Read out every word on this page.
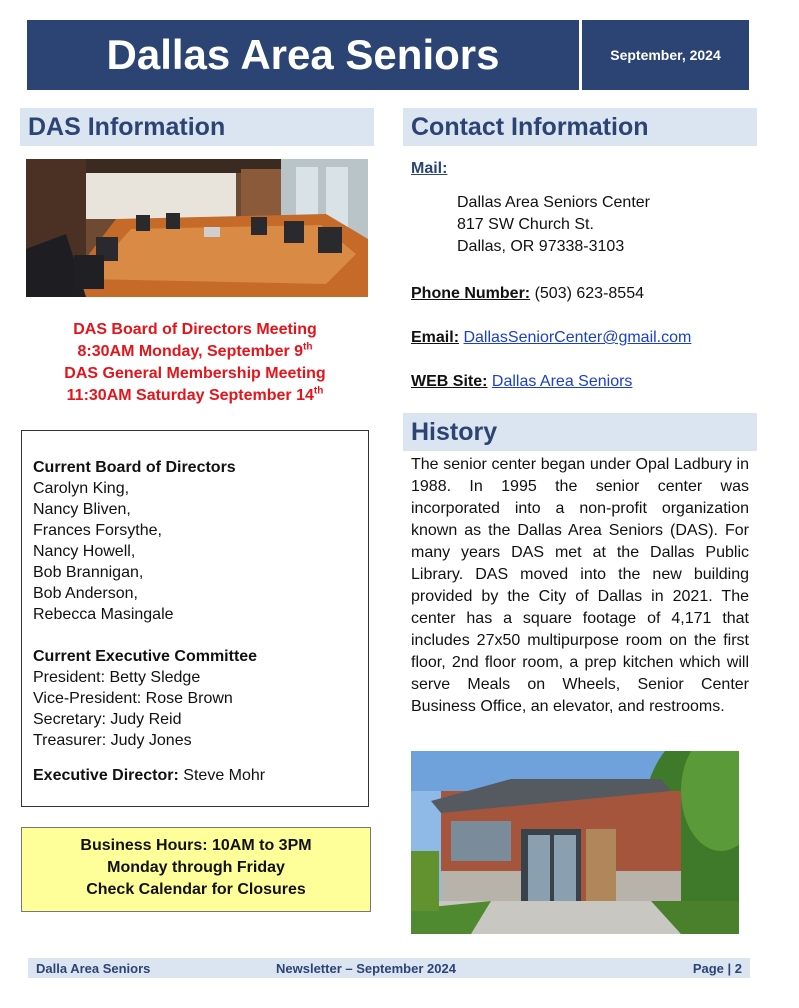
Dallas Area Seniors	September, 2024
DAS Information
DAS Board of Directors Meeting
8:30AM Monday, September 9th
DAS General Membership Meeting
11:30AM Saturday September 14th
Current Board of Directors
Carolyn King,
Nancy Bliven,
Frances Forsythe,
Nancy Howell,
Bob Brannigan,
Bob Anderson,
Rebecca Masingale
Current Executive Committee
President: Betty Sledge
Vice-President: Rose Brown
Secretary: Judy Reid
Treasurer: Judy Jones
Executive Director: Steve Mohr
Business Hours: 10AM to 3PM
Monday through Friday
Check Calendar for Closures
Contact Information
Mail:
Dallas Area Seniors Center
817 SW Church St.
Dallas, OR 97338-3103
Phone Number: (503) 623-8554
Email: DallasSeniorCenter@gmail.com
WEB Site: Dallas Area Seniors
History
The senior center began under Opal Ladbury in 1988. In 1995 the senior center was incorporated into a non-profit organization known as the Dallas Area Seniors (DAS). For many years DAS met at the Dallas Public Library. DAS moved into the new building provided by the City of Dallas in 2021. The center has a square footage of 4,171 that includes 27x50 multipurpose room on the first floor, 2nd floor room, a prep kitchen which will serve Meals on Wheels, Senior Center Business Office, an elevator, and restrooms.
Dalla Area Seniors	Newsletter – September 2024	Page | 2
